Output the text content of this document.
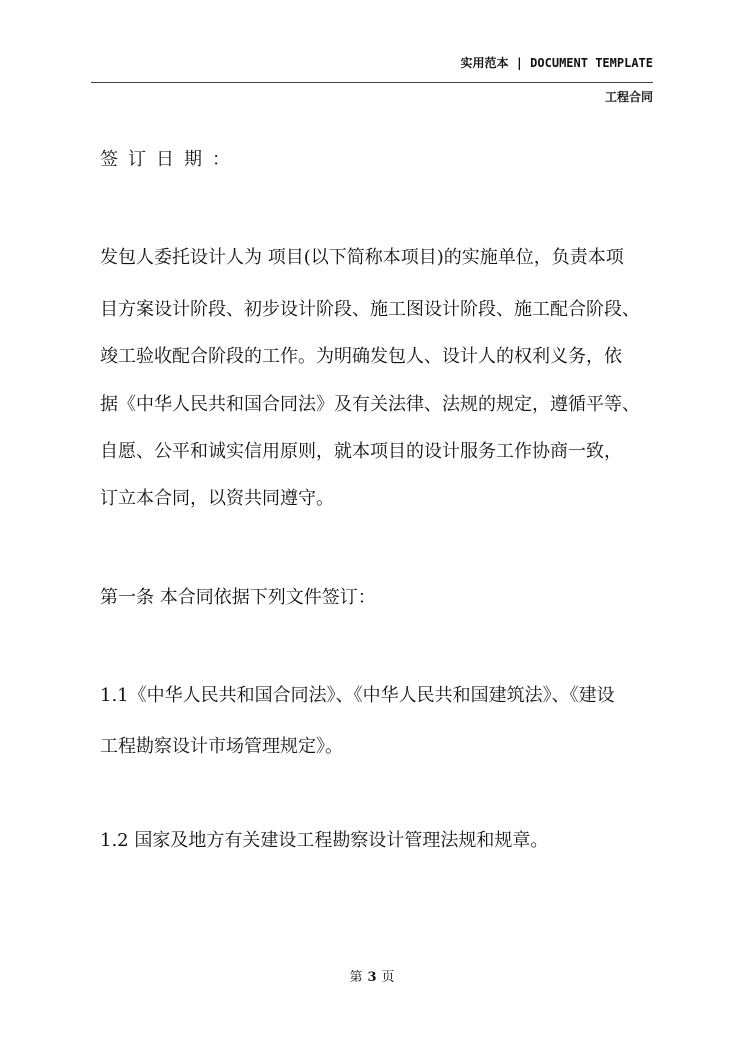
实用范本 | DOCUMENT TEMPLATE
工程合同
签订日期：
发包人委托设计人为 项目(以下简称本项目)的实施单位，负责本项
目方案设计阶段、初步设计阶段、施工图设计阶段、施工配合阶段、
竣工验收配合阶段的工作。为明确发包人、设计人的权利义务，依
据《中华人民共和国合同法》及有关法律、法规的规定，遵循平等、
自愿、公平和诚实信用原则，就本项目的设计服务工作协商一致，
订立本合同，以资共同遵守。
第一条 本合同依据下列文件签订：
1.1《中华人民共和国合同法》、《中华人民共和国建筑法》、《建设
工程勘察设计市场管理规定》。
1.2 国家及地方有关建设工程勘察设计管理法规和规章。
第 3 页
